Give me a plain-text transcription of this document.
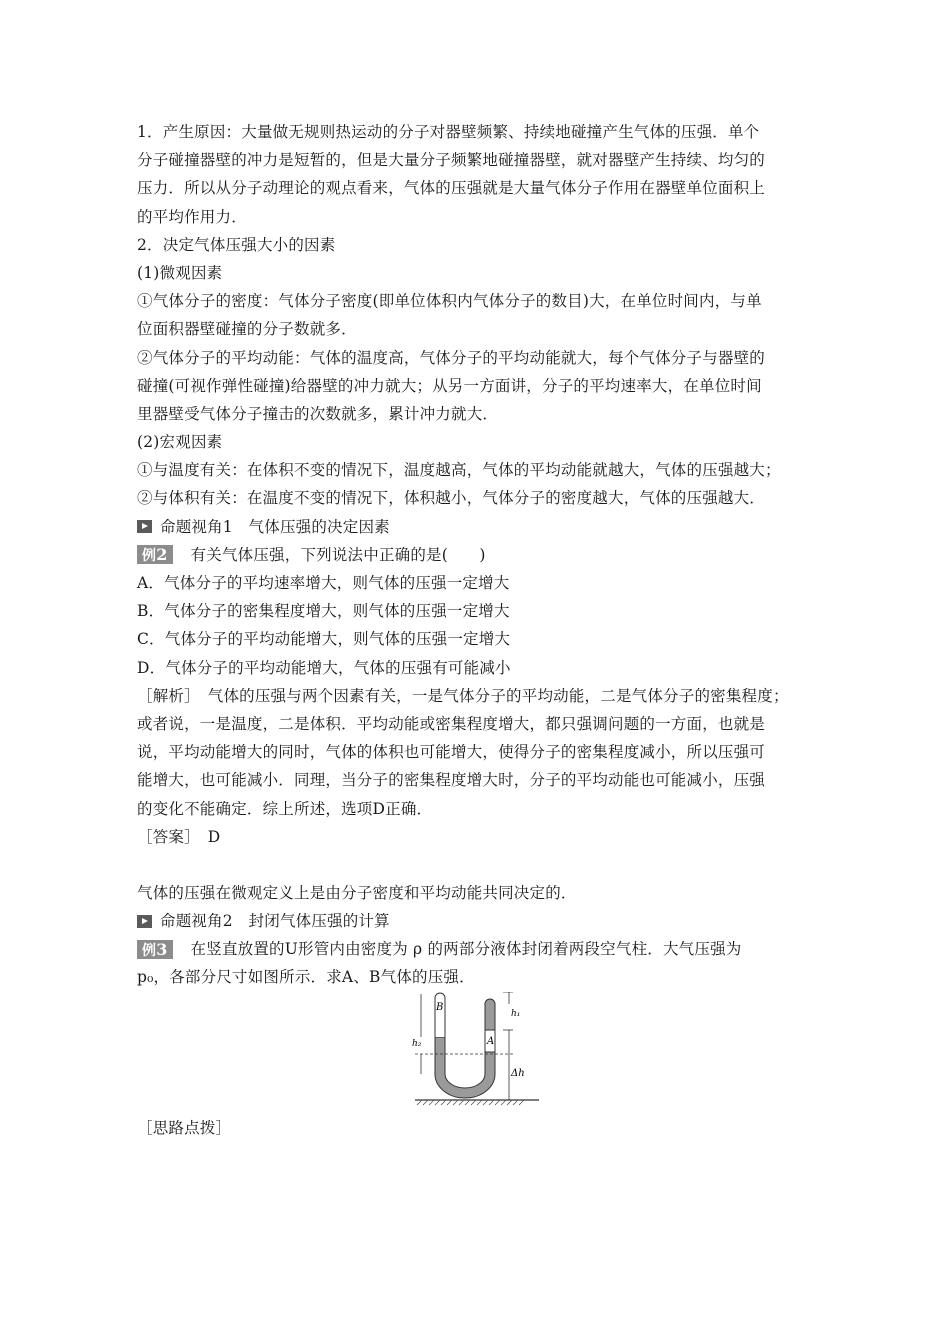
1．产生原因：大量做无规则热运动的分子对器壁频繁、持续地碰撞产生气体的压强．单个
分子碰撞器壁的冲力是短暂的，但是大量分子频繁地碰撞器壁，就对器壁产生持续、均匀的
压力．所以从分子动理论的观点看来，气体的压强就是大量气体分子作用在器壁单位面积上
的平均作用力．
2．决定气体压强大小的因素
(1)微观因素
①气体分子的密度：气体分子密度(即单位体积内气体分子的数目)大，在单位时间内，与单
位面积器壁碰撞的分子数就多．
②气体分子的平均动能：气体的温度高，气体分子的平均动能就大，每个气体分子与器壁的
碰撞(可视作弹性碰撞)给器壁的冲力就大；从另一方面讲，分子的平均速率大，在单位时间
里器壁受气体分子撞击的次数就多，累计冲力就大．
(2)宏观因素
①与温度有关：在体积不变的情况下，温度越高，气体的平均动能就越大，气体的压强越大；
②与体积有关：在温度不变的情况下，体积越小，气体分子的密度越大，气体的压强越大．
命题视角1　气体压强的决定因素
例2	有关气体压强，下列说法中正确的是(　　)
A．气体分子的平均速率增大，则气体的压强一定增大
B．气体分子的密集程度增大，则气体的压强一定增大
C．气体分子的平均动能增大，则气体的压强一定增大
D．气体分子的平均动能增大，气体的压强有可能减小
［解析］　气体的压强与两个因素有关，一是气体分子的平均动能，二是气体分子的密集程度；
或者说，一是温度，二是体积．平均动能或密集程度增大，都只强调问题的一方面，也就是
说，平均动能增大的同时，气体的体积也可能增大，使得分子的密集程度减小，所以压强可
能增大，也可能减小．同理，当分子的密集程度增大时，分子的平均动能也可能减小，压强
的变化不能确定．综上所述，选项D正确．
［答案］　D
气体的压强在微观定义上是由分子密度和平均动能共同决定的．
命题视角2　封闭气体压强的计算
例3	在竖直放置的U形管内由密度为 ρ 的两部分液体封闭着两段空气柱．大气压强为
p₀，各部分尺寸如图所示．求A、B气体的压强．
B
A
h₂
h₁
Δh
［思路点拨］
